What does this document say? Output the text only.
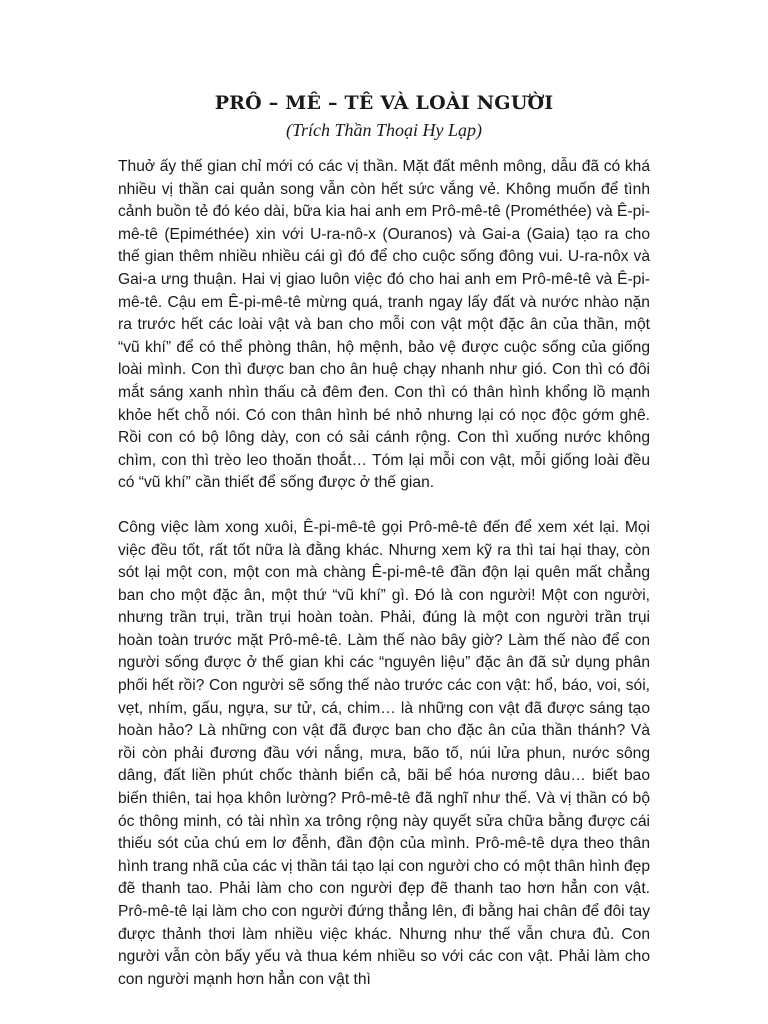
PRÔ – MÊ – TÊ VÀ LOÀI NGƯỜI

(Trích Thần Thoại Hy Lạp)

Thuở ấy thế gian chỉ mới có các vị thần. Mặt đất mênh mông, dẫu đã có khá nhiều vị thần cai quản song vẫn còn hết sức vắng vẻ. Không muốn để tình cảnh buồn tẻ đó kéo dài, bữa kia hai anh em Prô-mê-tê (Prométhée) và Ê-pi-mê-tê (Epiméthée) xin với U-ra-nô-x (Ouranos) và Gai-a (Gaia) tạo ra cho thế gian thêm nhiều nhiều cái gì đó để cho cuộc sống đông vui. U-ra-nôx và Gai-a ưng thuận. Hai vị giao luôn việc đó cho hai anh em Prô-mê-tê và Ê-pi-mê-tê. Cậu em Ê-pi-mê-tê mừng quá, tranh ngay lấy đất và nước nhào nặn ra trước hết các loài vật và ban cho mỗi con vật một đặc ân của thần, một “vũ khí” để có thể phòng thân, hộ mệnh, bảo vệ được cuộc sống của giống loài mình. Con thì được ban cho ân huệ chạy nhanh như gió. Con thì có đôi mắt sáng xanh nhìn thấu cả đêm đen. Con thì có thân hình khổng lồ mạnh khỏe hết chỗ nói. Có con thân hình bé nhỏ nhưng lại có nọc độc gớm ghê. Rồi con có bộ lông dày, con có sải cánh rộng. Con thì xuống nước không chìm, con thì trèo leo thoăn thoắt… Tóm lại mỗi con vật, mỗi giống loài đều có “vũ khí” cần thiết để sống được ở thế gian.

Công việc làm xong xuôi, Ê-pi-mê-tê gọi Prô-mê-tê đến để xem xét lại. Mọi việc đều tốt, rất tốt nữa là đằng khác. Nhưng xem kỹ ra thì tai hại thay, còn sót lại một con, một con mà chàng Ê-pi-mê-tê đần độn lại quên mất chẳng ban cho một đặc ân, một thứ “vũ khí” gì. Đó là con người! Một con người, nhưng trần trụi, trần trụi hoàn toàn. Phải, đúng là một con người trần trụi hoàn toàn trước mặt Prô-mê-tê. Làm thế nào bây giờ? Làm thế nào để con người sống được ở thế gian khi các “nguyên liệu” đặc ân đã sử dụng phân phối hết rồi? Con người sẽ sống thế nào trước các con vật: hổ, báo, voi, sói, vẹt, nhím, gấu, ngựa, sư tử, cá, chim… là những con vật đã được sáng tạo hoàn hảo? Là những con vật đã được ban cho đặc ân của thần thánh? Và rồi còn phải đương đầu với nắng, mưa, bão tố, núi lửa phun, nước sông dâng, đất liền phút chốc thành biển cả, bãi bể hóa nương dâu… biết bao biến thiên, tai họa khôn lường? Prô-mê-tê đã nghĩ như thế. Và vị thần có bộ óc thông minh, có tài nhìn xa trông rộng này quyết sửa chữa bằng được cái thiếu sót của chú em lơ đễnh, đần độn của mình. Prô-mê-tê dựa theo thân hình trang nhã của các vị thần tái tạo lại con người cho có một thân hình đẹp đẽ thanh tao. Phải làm cho con người đẹp đẽ thanh tao hơn hẳn con vật. Prô-mê-tê lại làm cho con người đứng thẳng lên, đi bằng hai chân để đôi tay được thảnh thơi làm nhiều việc khác. Nhưng như thế vẫn chưa đủ. Con người vẫn còn bấy yếu và thua kém nhiều so với các con vật. Phải làm cho con người mạnh hơn hẳn con vật thì
